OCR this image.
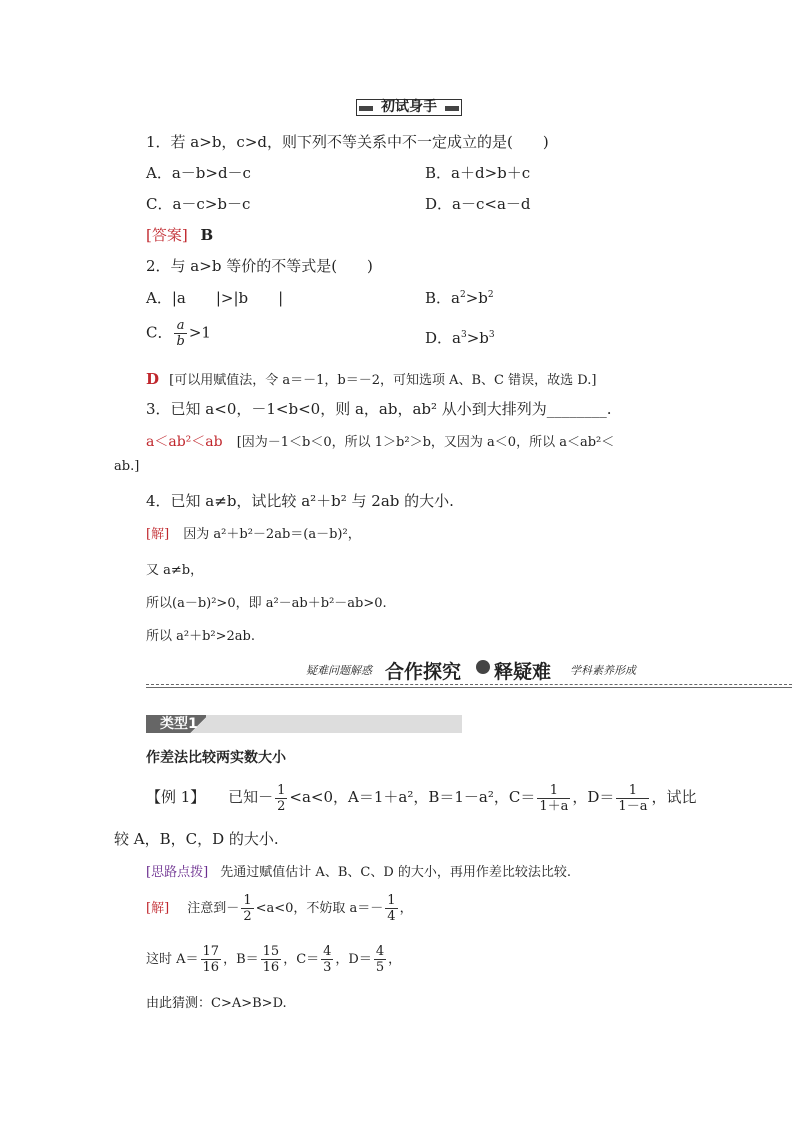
初试身手
1．若 a>b，c>d，则下列不等关系中不一定成立的是(　　)
A．a－b>d－c	B．a＋d>b＋c
C．a－c>b－c	D．a－c<a－d
[答案] B
2．与 a>b 等价的不等式是(　　)
A．|a　　|>|b　　|	B．$a^2>b^2$
C． $\frac{a}{b} >1$	D．$a^3>b^3$
D [可以用赋值法，令 a＝－1，b＝－2，可知选项 A、B、C 错误，故选 D.]
3．已知 a<0，－1<b<0，则 a，ab，ab² 从小到大排列为________.
a＜ab²＜ab [因为－1＜b＜0，所以 1＞b²＞b，又因为 a＜0，所以 a＜ab²＜
ab.]
4．已知 a≠b，试比较 a²＋b² 与 2ab 的大小.
[解] 因为 a²＋b²－2ab＝(a－b)²，
又 a≠b，
所以(a－b)²>0，即 a²－ab＋b²－ab>0.
所以 a²＋b²>2ab.
疑难问题解惑 合作探究 释疑难 学科素养形成
类型1
作差法比较两实数大小
【例 1】 已知－ $\frac{1}{2} <a<0$，A＝1＋a²，B＝1－a²，$C= \frac{1}{1+a}$ ，$D= \frac{1}{1-a}$ ，试比
较 A，B，C，D 的大小.
[思路点拨] 先通过赋值估计 A、B、C、D 的大小，再用作差比较法比较.
[解] 注意到－ $\frac{1}{2} <a<0$，不妨取 $a=- \frac{1}{4}$ ，
这时 $A= \frac{17}{16}$ ，$B= \frac{15}{16}$ ，$C= \frac{4}{3}$ ，$D= \frac{4}{5}$ ，
由此猜测：C>A>B>D.
